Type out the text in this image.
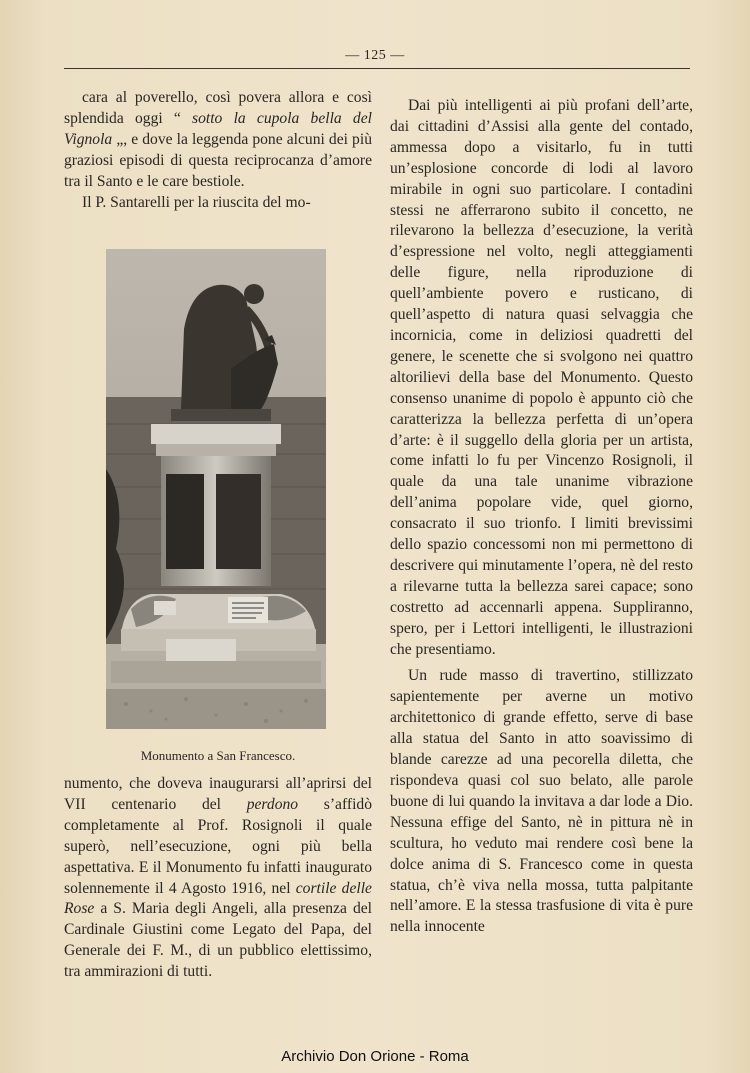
— 125 —

cara al poverello, così povera allora e così splendida oggi “ sotto la cupola bella del Vignola „, e dove la leggenda pone alcuni dei più graziosi episodi di questa reciprocanza d’amore tra il Santo e le care bestiole.

Il P. Santarelli per la riuscita del mo-

Monumento a San Francesco.

numento, che doveva inaugurarsi all’aprirsi del VII centenario del perdono s’affidò completamente al Prof. Rosignoli il quale superò, nell’esecuzione, ogni più bella aspettativa. E il Monumento fu infatti inaugurato solennemente il 4 Agosto 1916, nel cortile delle Rose a S. Maria degli Angeli, alla presenza del Cardinale Giustini come Legato del Papa, del Generale dei F. M., di un pubblico elettissimo, tra ammirazioni di tutti.

Dai più intelligenti ai più profani dell’arte, dai cittadini d’Assisi alla gente del contado, ammessa dopo a visitarlo, fu in tutti un’esplosione concorde di lodi al lavoro mirabile in ogni suo particolare. I contadini stessi ne afferrarono subito il concetto, ne rilevarono la bellezza d’esecuzione, la verità d’espressione nel volto, negli atteggiamenti delle figure, nella riproduzione di quell’ambiente povero e rusticano, di quell’aspetto di natura quasi selvaggia che incornicia, come in deliziosi quadretti del genere, le scenette che si svolgono nei quattro altorilievi della base del Monumento. Questo consenso unanime di popolo è appunto ciò che caratterizza la bellezza perfetta di un’opera d’arte: è il suggello della gloria per un artista, come infatti lo fu per Vincenzo Rosignoli, il quale da una tale unanime vibrazione dell’anima popolare vide, quel giorno, consacrato il suo trionfo. I limiti brevissimi dello spazio concessomi non mi permettono di descrivere qui minutamente l’opera, nè del resto a rilevarne tutta la bellezza sarei capace; sono costretto ad accennarli appena. Suppliranno, spero, per i Lettori intelligenti, le illustrazioni che presentiamo.

Un rude masso di travertino, stillizzato sapientemente per averne un motivo architettonico di grande effetto, serve di base alla statua del Santo in atto soavissimo di blande carezze ad una pecorella diletta, che rispondeva quasi col suo belato, alle parole buone di lui quando la invitava a dar lode a Dio. Nessuna effige del Santo, nè in pittura nè in scultura, ho veduto mai rendere così bene la dolce anima di S. Francesco come in questa statua, ch’è viva nella mossa, tutta palpitante nell’amore. E la stessa trasfusione di vita è pure nella innocente

Archivio Don Orione - Roma
